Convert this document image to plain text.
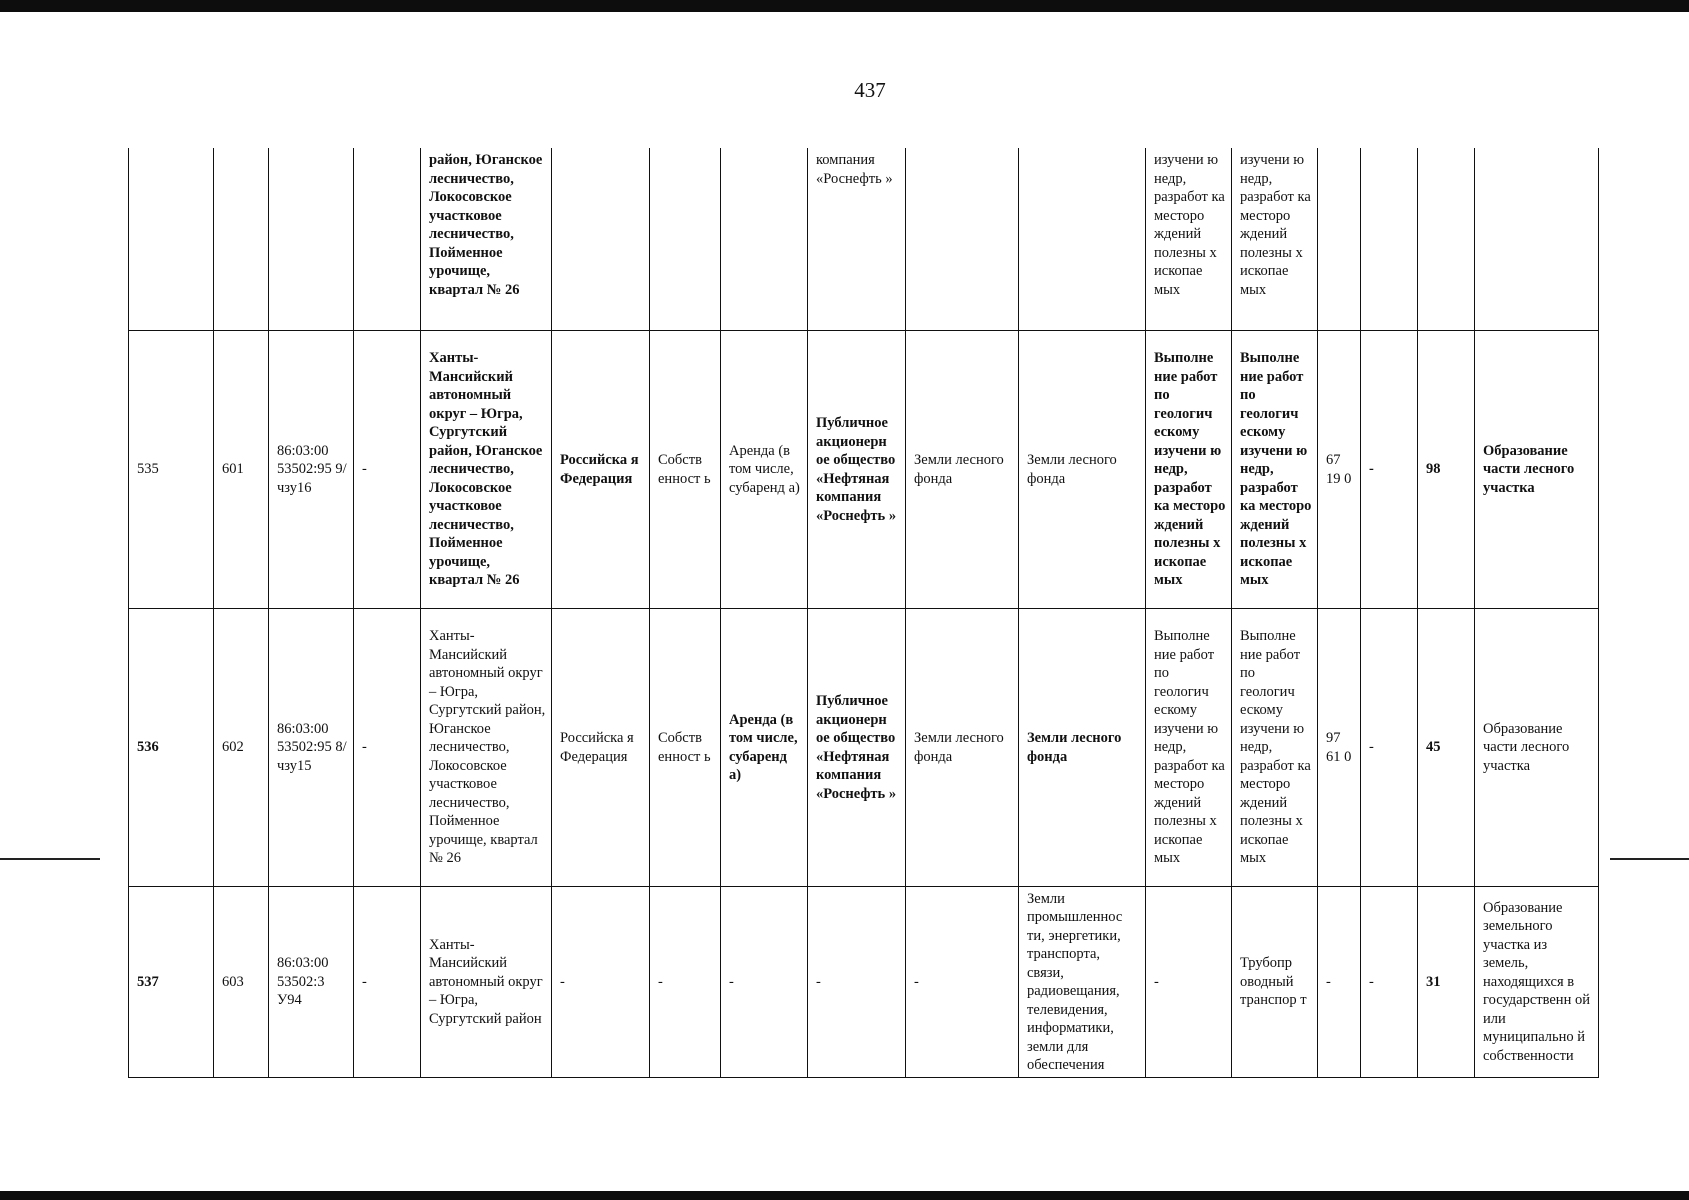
437
				район, Юганское лесничество, Локосовское участковое лесничество, Пойменное урочище, квартал № 26				компания «Роснефть »			изучени ю недр, разработ ка месторо ждений полезны х ископае мых	изучени ю недр, разработ ка месторо ждений полезны х ископае мых				
535	601	86:03:00 53502:95 9/чзу16	-	Ханты-Мансийский автономный округ – Югра, Сургутский район, Юганское лесничество, Локосовское участковое лесничество, Пойменное урочище, квартал № 26	Российска я Федерация	Собств енност ь	Аренда (в том числе, субаренд а)	Публичное акционерн ое общество «Нефтяная компания «Роснефть »	Земли лесного фонда	Земли лесного фонда	Выполне ние работ по геологич ескому изучени ю недр, разработ ка месторо ждений полезны х ископае мых	Выполне ние работ по геологич ескому изучени ю недр, разработ ка месторо ждений полезны х ископае мых	67 19 0	-	98	Образование части лесного участка
536	602	86:03:00 53502:95 8/чзу15	-	Ханты-Мансийский автономный округ – Югра, Сургутский район, Юганское лесничество, Локосовское участковое лесничество, Пойменное урочище, квартал № 26	Российска я Федерация	Собств енност ь	Аренда (в том числе, субаренд а)	Публичное акционерн ое общество «Нефтяная компания «Роснефть »	Земли лесного фонда	Земли лесного фонда	Выполне ние работ по геологич ескому изучени ю недр, разработ ка месторо ждений полезны х ископае мых	Выполне ние работ по геологич ескому изучени ю недр, разработ ка месторо ждений полезны х ископае мых	97 61 0	-	45	Образование части лесного участка
537	603	86:03:00 53502:3 У94	-	Ханты-Мансийский автономный округ – Югра, Сургутский район	-	-	-	-	-	Земли промышленнос ти, энергетики, транспорта, связи, радиовещания, телевидения, информатики, земли для обеспечения	-	Трубопр оводный транспор т	-	-	31	Образование земельного участка из земель, находящихся в государственн ой или муниципально й собственности
